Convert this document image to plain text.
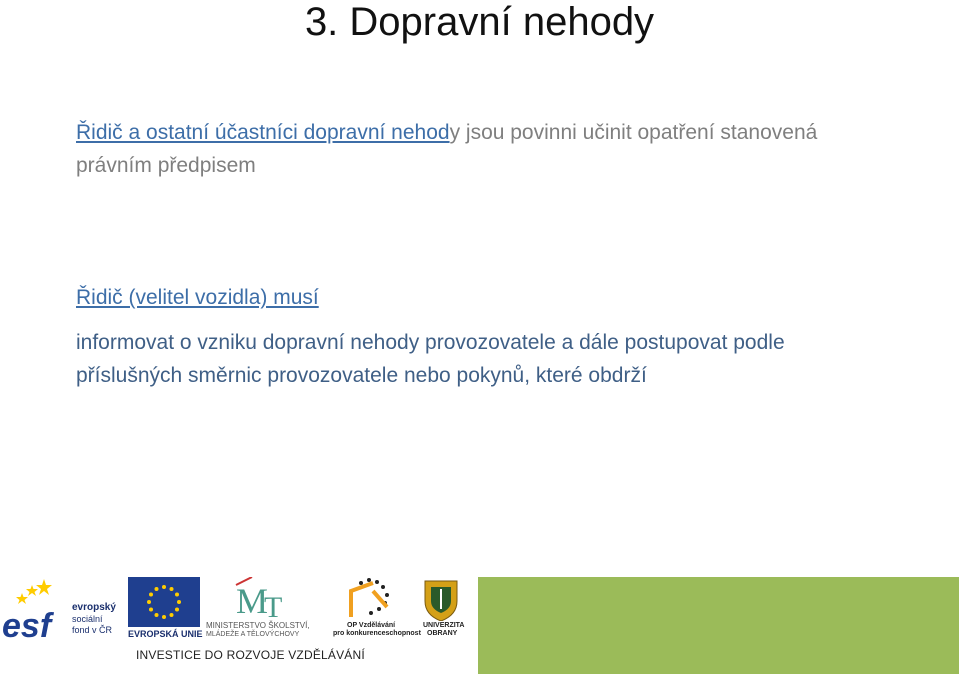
3. Dopravní nehody
Řidič a ostatní účastníci dopravní nehody jsou povinni učinit opatření stanovená právním předpisem
Řidič (velitel vozidla) musí
informovat o vzniku dopravní nehody provozovatele a dále postupovat podle příslušných směrnic provozovatele nebo pokynů, které obdrží
esf	evropský
sociální
fond v ČR EVROPSKÁ UNIE
M
T
MINISTERSTVO ŠKOLSTVÍ,
MLÁDEŽE A TĚLOVÝCHOVY
OP Vzdělávání
pro konkurenceschopnost
UNIVERZITA
OBRANY
INVESTICE DO ROZVOJE VZDĚLÁVÁNÍ
